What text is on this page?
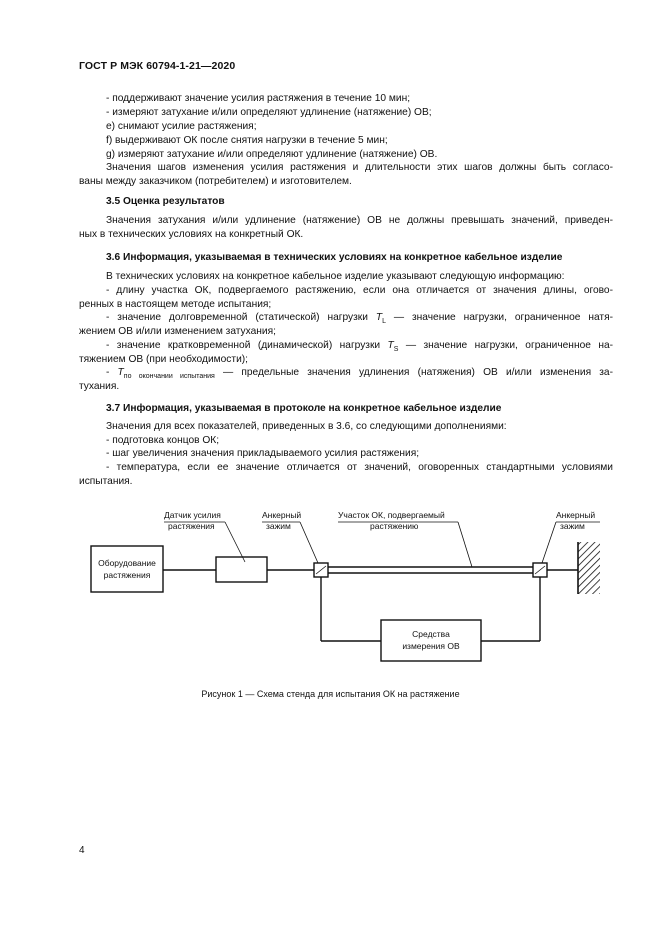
ГОСТ Р МЭК 60794-1-21—2020
- поддерживают значение усилия растяжения в течение 10 мин;
- измеряют затухание и/или определяют удлинение (натяжение) ОВ;
е) снимают усилие растяжения;
f) выдерживают ОК после снятия нагрузки в течение 5 мин;
g) измеряют затухание и/или определяют удлинение (натяжение) ОВ.
Значения шагов изменения усилия растяжения и длительности этих шагов должны быть согласо-
ваны между заказчиком (потребителем) и изготовителем.
3.5 Оценка результатов
Значения затухания и/или удлинение (натяжение) ОВ не должны превышать значений, приведен-
ных в технических условиях на конкретный ОК.
3.6 Информация, указываемая в технических условиях на конкретное кабельное изделие
В технических условиях на конкретное кабельное изделие указывают следующую информацию:
- длину участка ОК, подвергаемого растяжению, если она отличается от значения длины, огово-
ренных в настоящем методе испытания;
- значение долговременной (статической) нагрузки $T_L$ — значение нагрузки, ограниченное натя-
жением ОВ и/или изменением затухания;
- значение кратковременной (динамической) нагрузки $T_S$ — значение нагрузки, ограниченное на-
тяжением ОВ (при необходимости);
- $T_{по окончании испытания}$ — предельные значения удлинения (натяжения) ОВ и/или изменения за-
тухания.
3.7 Информация, указываемая в протоколе на конкретное кабельное изделие
Значения для всех показателей, приведенных в 3.6, со следующими дополнениями:
- подготовка концов ОК;
- шаг увеличения значения прикладываемого усилия растяжения;
- температура, если ее значение отличается от значений, оговоренных стандартными условиями
испытания.
Оборудование
растяжения
Средства
измерения ОВ
Датчик усилия
растяжения
Анкерный
зажим
Участок ОК, подвергаемый
растяжению
Анкерный
зажим
Рисунок 1 — Схема стенда для испытания ОК на растяжение
4
